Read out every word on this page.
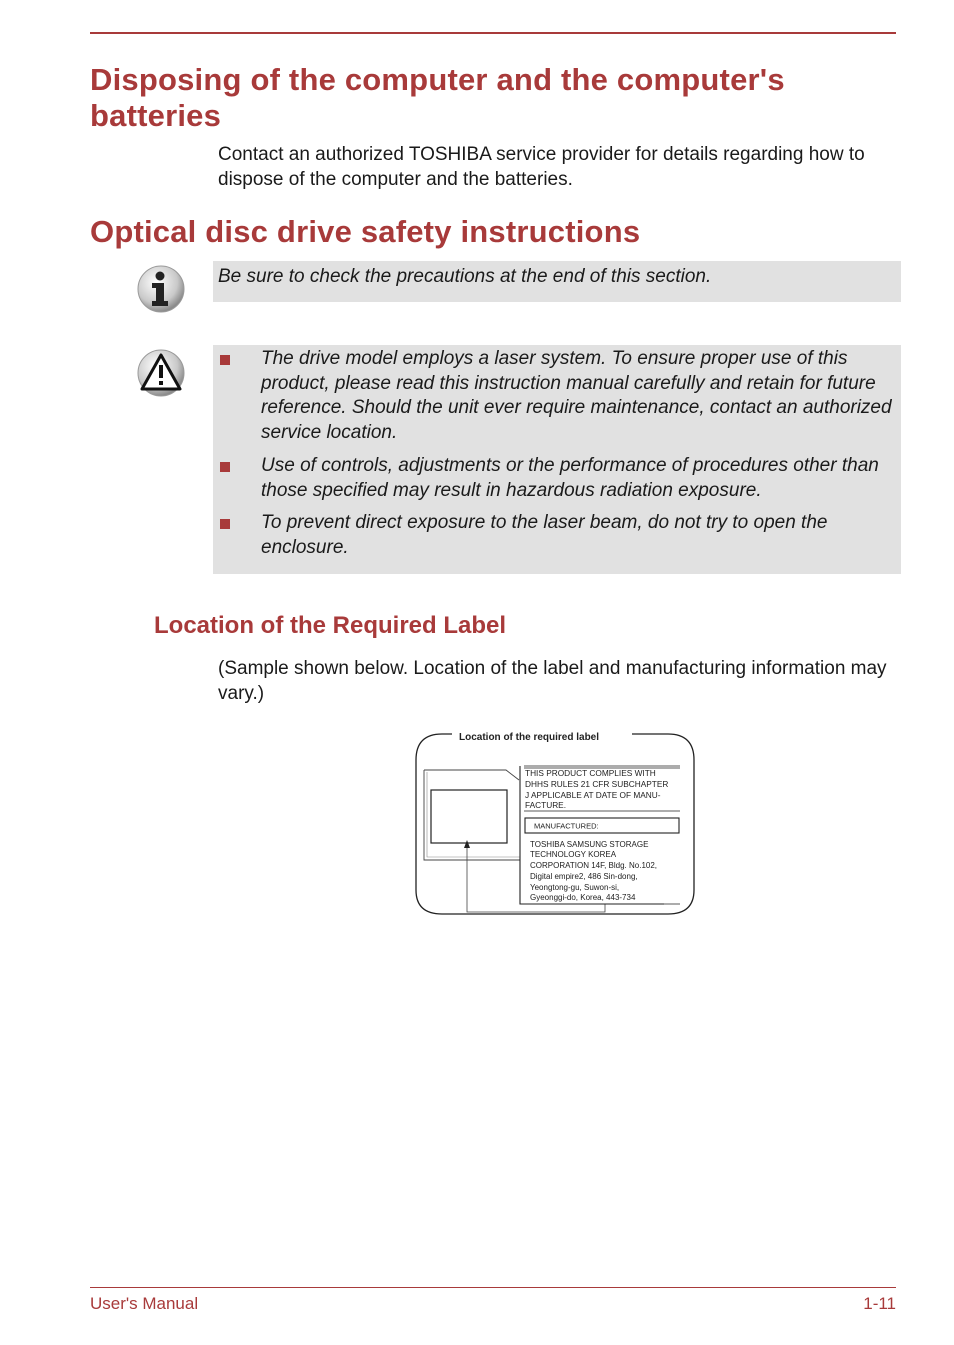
Disposing of the computer and the computer's batteries

Contact an authorized TOSHIBA service provider for details regarding how to dispose of the computer and the batteries.

Optical disc drive safety instructions
Be sure to check the precautions at the end of this section.
The drive model employs a laser system. To ensure proper use of this product, please read this instruction manual carefully and retain for future reference. Should the unit ever require maintenance, contact an authorized service location.
Use of controls, adjustments or the performance of procedures other than those specified may result in hazardous radiation exposure.
To prevent direct exposure to the laser beam, do not try to open the enclosure.
Location of the Required Label

(Sample shown below. Location of the label and manufacturing information may vary.)

Location of the required label
THIS PRODUCT COMPLIES WITH DHHS RULES 21 CFR SUBCHAPTER J APPLICABLE AT DATE OF MANU- FACTURE.
MANUFACTURED:
TOSHIBA SAMSUNG STORAGE TECHNOLOGY KOREA CORPORATION 14F, Bldg. No.102, Digital empire2, 486 Sin-dong, Yeongtong-gu, Suwon-si, Gyeonggi-do, Korea, 443-734
User's Manual	1-11
